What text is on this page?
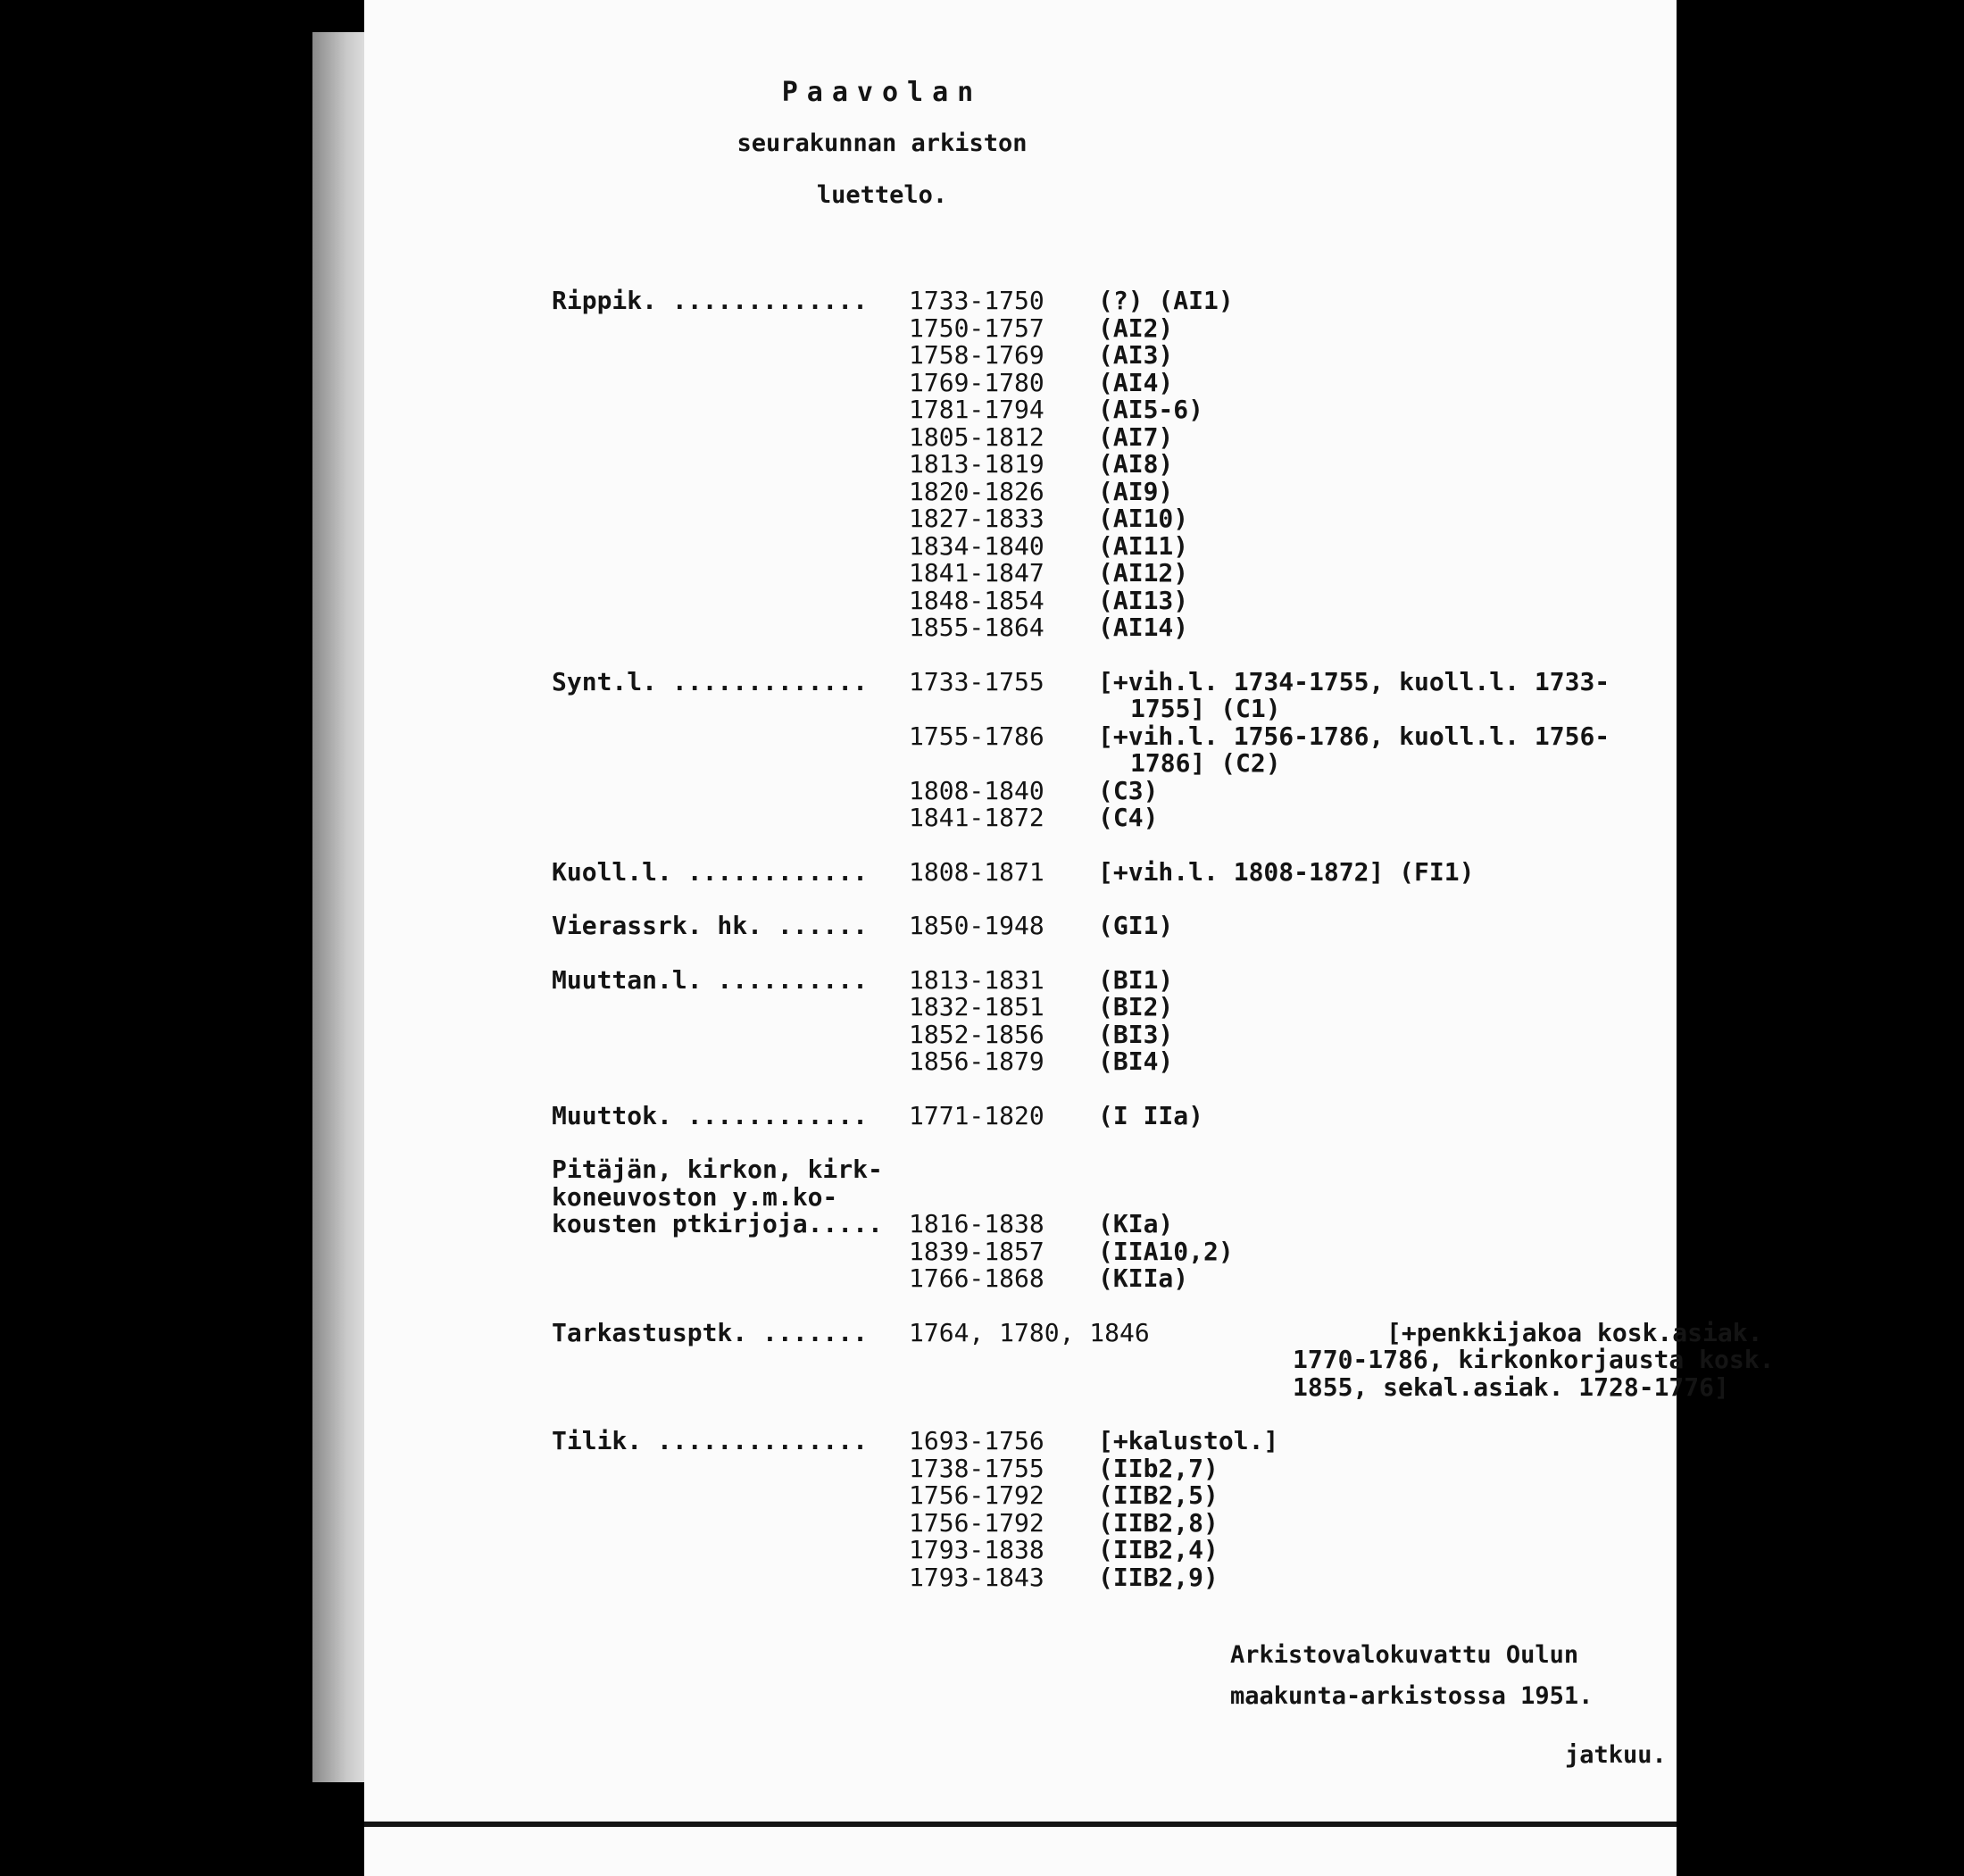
Paavolan
seurakunnan arkiston
luettelo.
Rippik. ............. 1733-1750 (?) (AI1)
1750-1757 (AI2)
1758-1769 (AI3)
1769-1780 (AI4)
1781-1794 (AI5-6)
1805-1812 (AI7)
1813-1819 (AI8)
1820-1826 (AI9)
1827-1833 (AI10)
1834-1840 (AI11)
1841-1847 (AI12)
1848-1854 (AI13)
1855-1864 (AI14)
Synt.l. ............. 1733-1755 [+vih.l. 1734-1755, kuoll.l. 1733-
1755] (C1)
1755-1786 [+vih.l. 1756-1786, kuoll.l. 1756-
1786] (C2)
1808-1840 (C3)
1841-1872 (C4)
Kuoll.l. ............ 1808-1871 [+vih.l. 1808-1872] (FI1)
Vierassrk. hk. ...... 1850-1948 (GI1)
Muuttan.l. .......... 1813-1831 (BI1)
1832-1851 (BI2)
1852-1856 (BI3)
1856-1879 (BI4)
Muuttok. ............ 1771-1820 (I IIa)
Pitäjän, kirkon, kirk-
koneuvoston y.m.ko-
kousten ptkirjoja..... 1816-1838 (KIa)
1839-1857 (IIA10,2)
1766-1868 (KIIa)
Tarkastusptk. ....... 1764, 1780, 1846	[+penkkijakoa kosk.asiak.
1770-1786, kirkonkorjausta kosk.
1855, sekal.asiak. 1728-1776]
Tilik. .............. 1693-1756 [+kalustol.]
1738-1755 (IIb2,7)
1756-1792 (IIB2,5)
1756-1792 (IIB2,8)
1793-1838 (IIB2,4)
1793-1843 (IIB2,9)
Arkistovalokuvattu Oulun
maakunta-arkistossa 1951.
jatkuu.
